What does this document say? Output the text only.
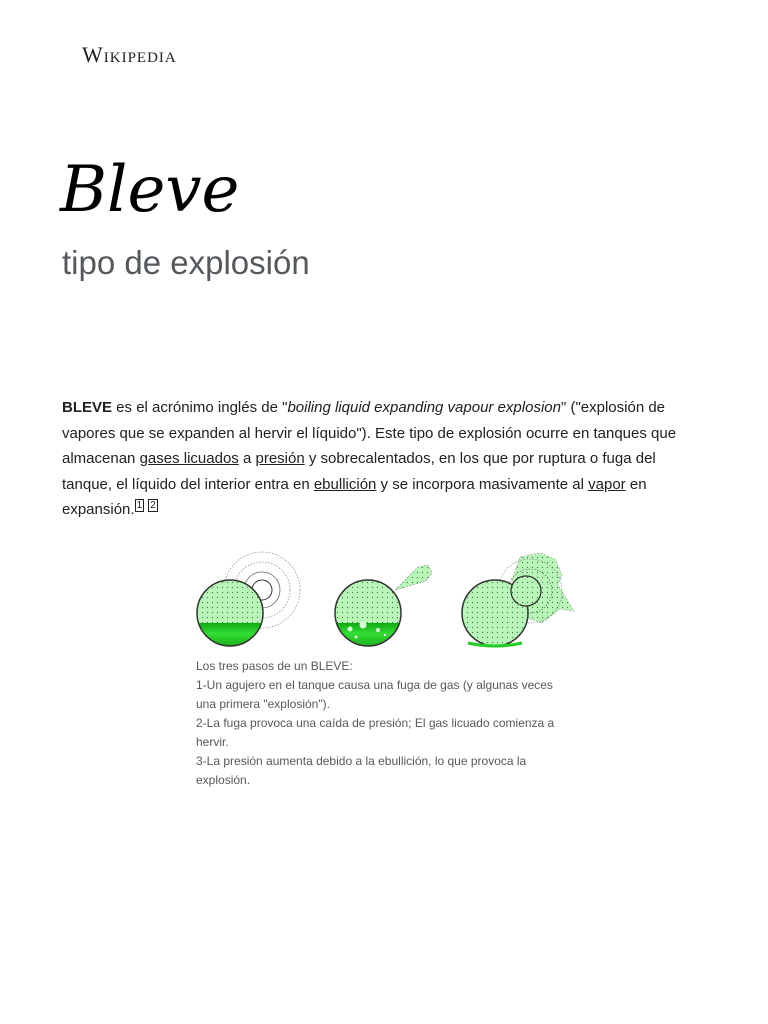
Wikipedia
Bleve
tipo de explosión

BLEVE es el acrónimo inglés de "boiling liquid expanding vapour explosion" ("explosión de vapores que se expanden al hervir el líquido"). Este tipo de explosión ocurre en tanques que almacenan gases licuados a presión y sobrecalentados, en los que por ruptura o fuga del tanque, el líquido del interior entra en ebullición y se incorpora masivamente al vapor en expansión. $^1$ $^2$

Los tres pasos de un BLEVE:
1-Un agujero en el tanque causa una fuga de gas (y algunas veces una primera "explosión").
2-La fuga provoca una caída de presión; El gas licuado comienza a hervir.
3-La presión aumenta debido a la ebullición, lo que provoca la explosión.
